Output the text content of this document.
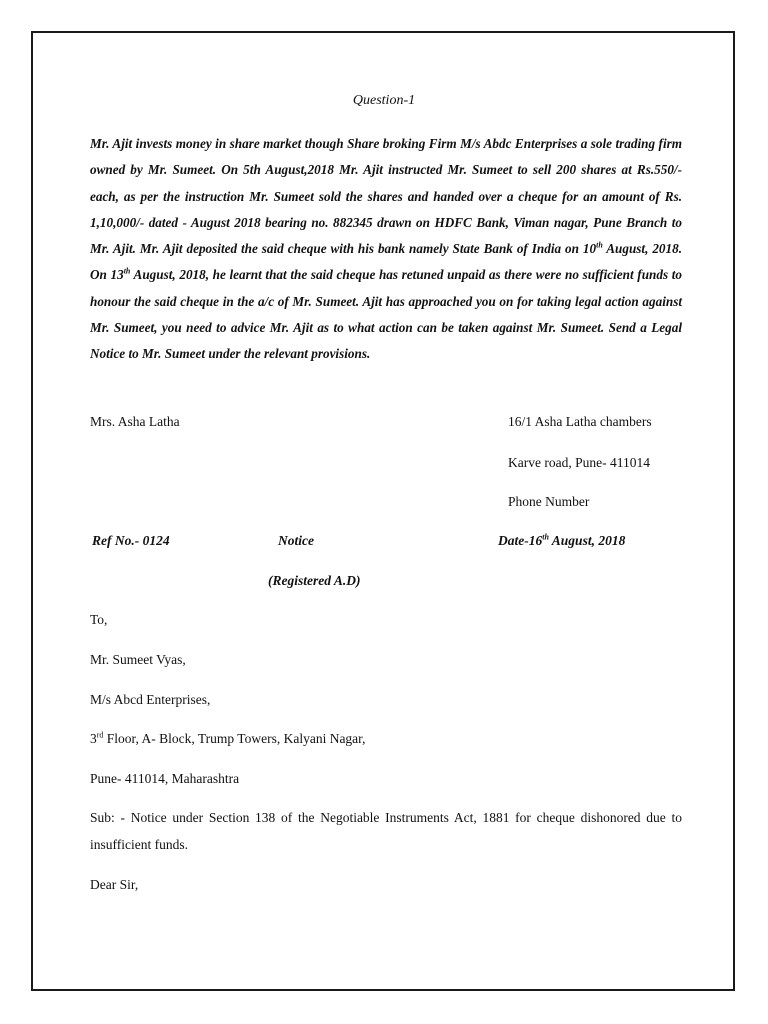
Question-1

Mr. Ajit invests money in share market though Share broking Firm M/s Abdc Enterprises a sole trading firm owned by Mr. Sumeet. On 5th August,2018 Mr. Ajit instructed Mr. Sumeet to sell 200 shares at Rs.550/- each, as per the instruction Mr. Sumeet sold the shares and handed over a cheque for an amount of Rs. 1,10,000/- dated - August 2018 bearing no. 882345 drawn on HDFC Bank, Viman nagar, Pune Branch to Mr. Ajit. Mr. Ajit deposited the said cheque with his bank namely State Bank of India on 10th August, 2018. On 13th August, 2018, he learnt that the said cheque has retuned unpaid as there were no sufficient funds to honour the said cheque in the a/c of Mr. Sumeet. Ajit has approached you on for taking legal action against Mr. Sumeet, you need to advice Mr. Ajit as to what action can be taken against Mr. Sumeet. Send a Legal Notice to Mr. Sumeet under the relevant provisions.

Mrs. Asha Latha	16/1 Asha Latha chambers
Karve road, Pune- 411014
Phone Number
Ref No.- 0124	Notice	Date-16th August, 2018
(Registered A.D)
To,
Mr. Sumeet Vyas,
M/s Abcd Enterprises,
3rd Floor, A- Block, Trump Towers, Kalyani Nagar,
Pune- 411014, Maharashtra

Sub: - Notice under Section 138 of the Negotiable Instruments Act, 1881 for cheque dishonored due to insufficient funds.

Dear Sir,
